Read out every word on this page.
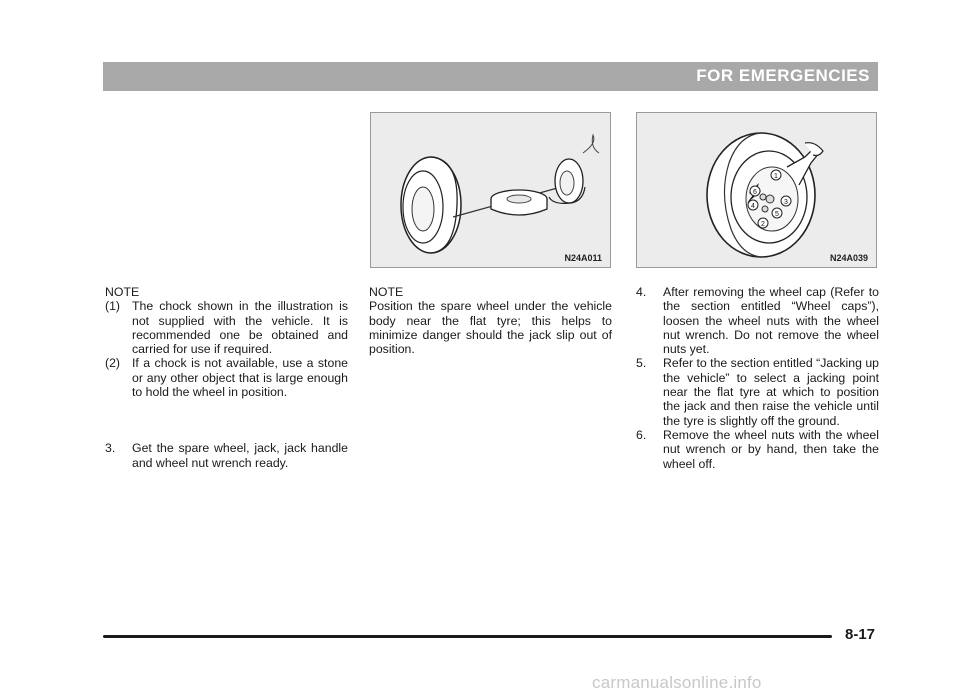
FOR EMERGENCIES
N24A011
1
2
3
4
5
6
N24A039

NOTE

(1) The chock shown in the illustration is not supplied with the vehicle. It is recommended one be obtained and carried for use if required.

(2) If a chock is not available, use a stone or any other object that is large enough to hold the wheel in position.

3. Get the spare wheel, jack, jack handle and wheel nut wrench ready.

NOTE

Position the spare wheel under the vehicle body near the flat tyre; this helps to minimize danger should the jack slip out of position.

4. After removing the wheel cap (Refer to the section entitled “Wheel caps”), loosen the wheel nuts with the wheel nut wrench. Do not remove the wheel nuts yet.

5. Refer to the section entitled “Jacking up the vehicle” to select a jacking point near the flat tyre at which to position the jack and then raise the vehicle until the tyre is slightly off the ground.

6. Remove the wheel nuts with the wheel nut wrench or by hand, then take the wheel off.

8-17
carmanualsonline.info
